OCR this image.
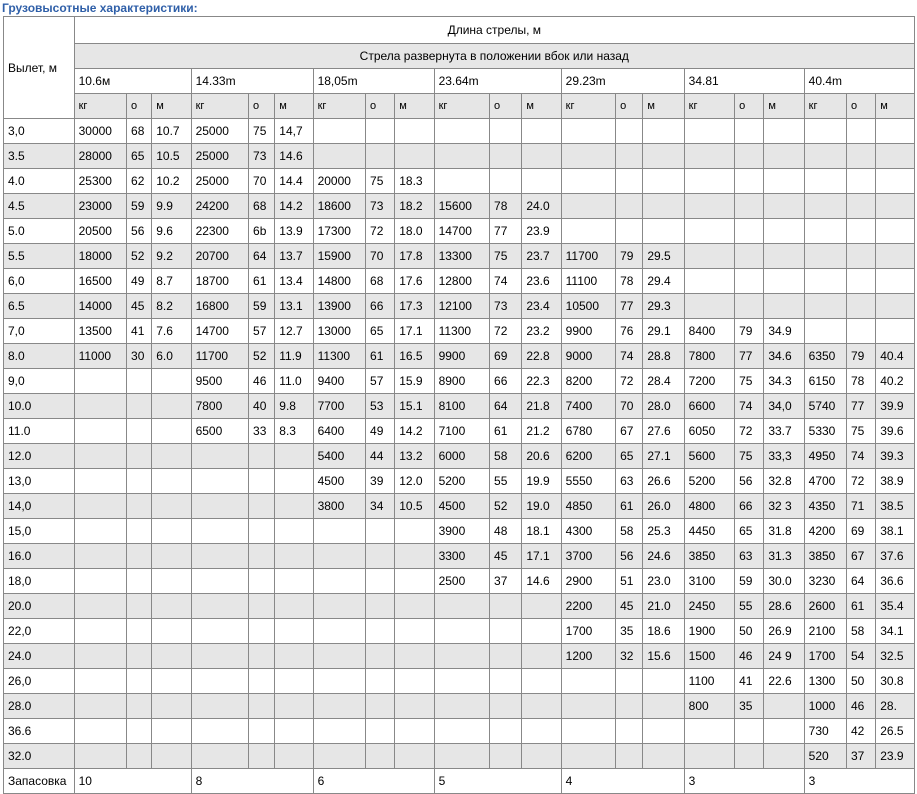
Грузовысотные характеристики:
Вылет, м	Длина стрелы, м																				
	Стрела развернута в положении вбок или назад																				
	10.6м			14.33m			18,05m			23.64m			29.23m			34.81			40.4m		
	кг	о	м	кг	о	м	кг	о	м	кг	о	м	кг	о	м	кг	о	м	кг	о	м
3,0	30000	68	10.7	25000	75	14,7															
3.5	28000	65	10.5	25000	73	14.6															
4.0	25300	62	10.2	25000	70	14.4	20000	75	18.3												
4.5	23000	59	9.9	24200	68	14.2	18600	73	18.2	15600	78	24.0									
5.0	20500	56	9.6	22300	6b	13.9	17300	72	18.0	14700	77	23.9									
5.5	18000	52	9.2	20700	64	13.7	15900	70	17.8	13300	75	23.7	11700	79	29.5						
6,0	16500	49	8.7	18700	61	13.4	14800	68	17.6	12800	74	23.6	11100	78	29.4						
6.5	14000	45	8.2	16800	59	13.1	13900	66	17.3	12100	73	23.4	10500	77	29.3						
7,0	13500	41	7.6	14700	57	12.7	13000	65	17.1	11300	72	23.2	9900	76	29.1	8400	79	34.9			
8.0	11000	30	6.0	11700	52	11.9	11300	61	16.5	9900	69	22.8	9000	74	28.8	7800	77	34.6	6350	79	40.4
9,0				9500	46	11.0	9400	57	15.9	8900	66	22.3	8200	72	28.4	7200	75	34.3	6150	78	40.2
10.0				7800	40	9.8	7700	53	15.1	8100	64	21.8	7400	70	28.0	6600	74	34,0	5740	77	39.9
11.0				6500	33	8.3	6400	49	14.2	7100	61	21.2	6780	67	27.6	6050	72	33.7	5330	75	39.6
12.0							5400	44	13.2	6000	58	20.6	6200	65	27.1	5600	75	33,3	4950	74	39.3
13,0							4500	39	12.0	5200	55	19.9	5550	63	26.6	5200	56	32.8	4700	72	38.9
14,0							3800	34	10.5	4500	52	19.0	4850	61	26.0	4800	66	32 3	4350	71	38.5
15,0										3900	48	18.1	4300	58	25.3	4450	65	31.8	4200	69	38.1
16.0										3300	45	17.1	3700	56	24.6	3850	63	31.3	3850	67	37.6
18,0										2500	37	14.6	2900	51	23.0	3100	59	30.0	3230	64	36.6
20.0													2200	45	21.0	2450	55	28.6	2600	61	35.4
22,0													1700	35	18.6	1900	50	26.9	2100	58	34.1
24.0													1200	32	15.6	1500	46	24 9	1700	54	32.5
26,0																1100	41	22.6	1300	50	30.8
28.0																800	35		1000	46	28.
36.6																			730	42	26.5
32.0																			520	37	23.9
Запасовка	10			8			6			5			4			3			3		
